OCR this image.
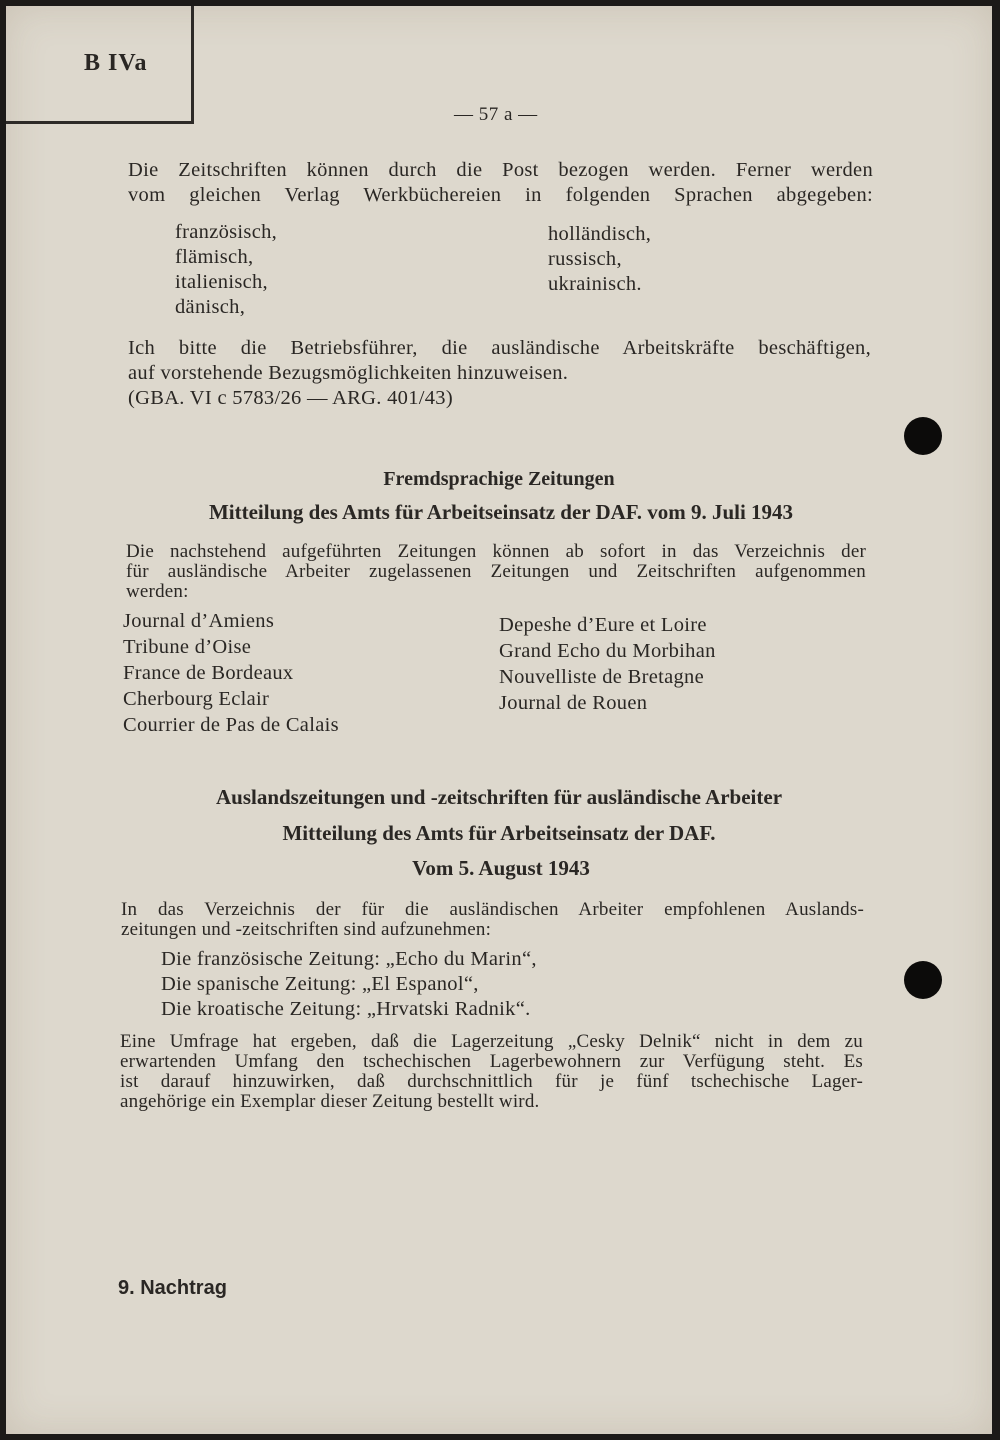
B IVa
— 57 a —
Die Zeitschriften können durch die Post bezogen werden. Ferner werden
vom gleichen Verlag Werkbüchereien in folgenden Sprachen abgegeben:
französisch,
flämisch,
italienisch,
dänisch,
holländisch,
russisch,
ukrainisch.
Ich bitte die Betriebsführer, die ausländische Arbeitskräfte beschäftigen,
auf vorstehende Bezugsmöglichkeiten hinzuweisen.
(GBA. VI c 5783/26 — ARG. 401/43)
Fremdsprachige Zeitungen
Mitteilung des Amts für Arbeitseinsatz der DAF. vom 9. Juli 1943
Die nachstehend aufgeführten Zeitungen können ab sofort in das Verzeichnis der
für ausländische Arbeiter zugelassenen Zeitungen und Zeitschriften aufgenommen
werden:
Journal d’Amiens
Tribune d’Oise
France de Bordeaux
Cherbourg Eclair
Courrier de Pas de Calais
Depeshe d’Eure et Loire
Grand Echo du Morbihan
Nouvelliste de Bretagne
Journal de Rouen
Auslandszeitungen und -zeitschriften für ausländische Arbeiter
Mitteilung des Amts für Arbeitseinsatz der DAF.
Vom 5. August 1943
In das Verzeichnis der für die ausländischen Arbeiter empfohlenen Auslands-
zeitungen und -zeitschriften sind aufzunehmen:
Die französische Zeitung: „Echo du Marin“,
Die spanische Zeitung: „El Espanol“,
Die kroatische Zeitung: „Hrvatski Radnik“.
Eine Umfrage hat ergeben, daß die Lagerzeitung „Cesky Delnik“ nicht in dem zu
erwartenden Umfang den tschechischen Lagerbewohnern zur Verfügung steht. Es
ist darauf hinzuwirken, daß durchschnittlich für je fünf tschechische Lager-
angehörige ein Exemplar dieser Zeitung bestellt wird.
9. Nachtrag
